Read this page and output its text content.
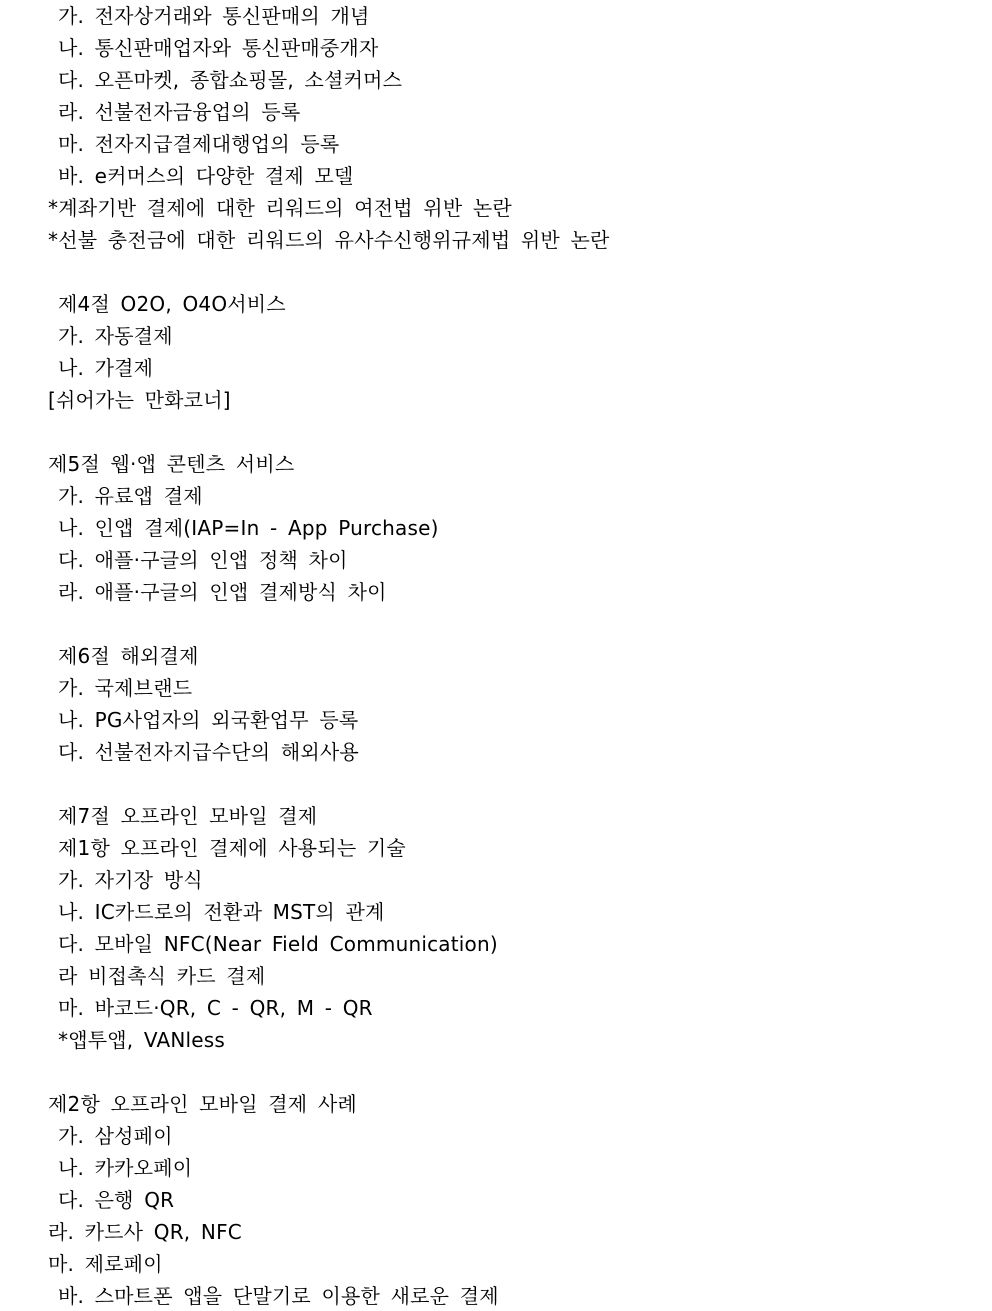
가. 전자상거래와 통신판매의 개념
나. 통신판매업자와 통신판매중개자
다. 오픈마켓, 종합쇼핑몰, 소셜커머스
라. 선불전자금융업의 등록
마. 전자지급결제대행업의 등록
바. e커머스의 다양한 결제 모델
*계좌기반 결제에 대한 리워드의 여전법 위반 논란
*선불 충전금에 대한 리워드의 유사수신행위규제법 위반 논란
제4절 O2O, O4O서비스
가. 자동결제
나. 가결제
[쉬어가는 만화코너]
제5절 웹·앱 콘텐츠 서비스
가. 유료앱 결제
나. 인앱 결제(IAP=In - App Purchase)
다. 애플·구글의 인앱 정책 차이
라. 애플·구글의 인앱 결제방식 차이
제6절 해외결제
가. 국제브랜드
나. PG사업자의 외국환업무 등록
다. 선불전자지급수단의 해외사용
제7절 오프라인 모바일 결제
제1항 오프라인 결제에 사용되는 기술
가. 자기장 방식
나. IC카드로의 전환과 MST의 관계
다. 모바일 NFC(Near Field Communication)
라 비접촉식 카드 결제
마. 바코드·QR, C - QR, M - QR
*앱투앱, VANless
제2항 오프라인 모바일 결제 사례
가. 삼성페이
나. 카카오페이
다. 은행 QR
라. 카드사 QR, NFC
마. 제로페이
바. 스마트폰 앱을 단말기로 이용한 새로운 결제
